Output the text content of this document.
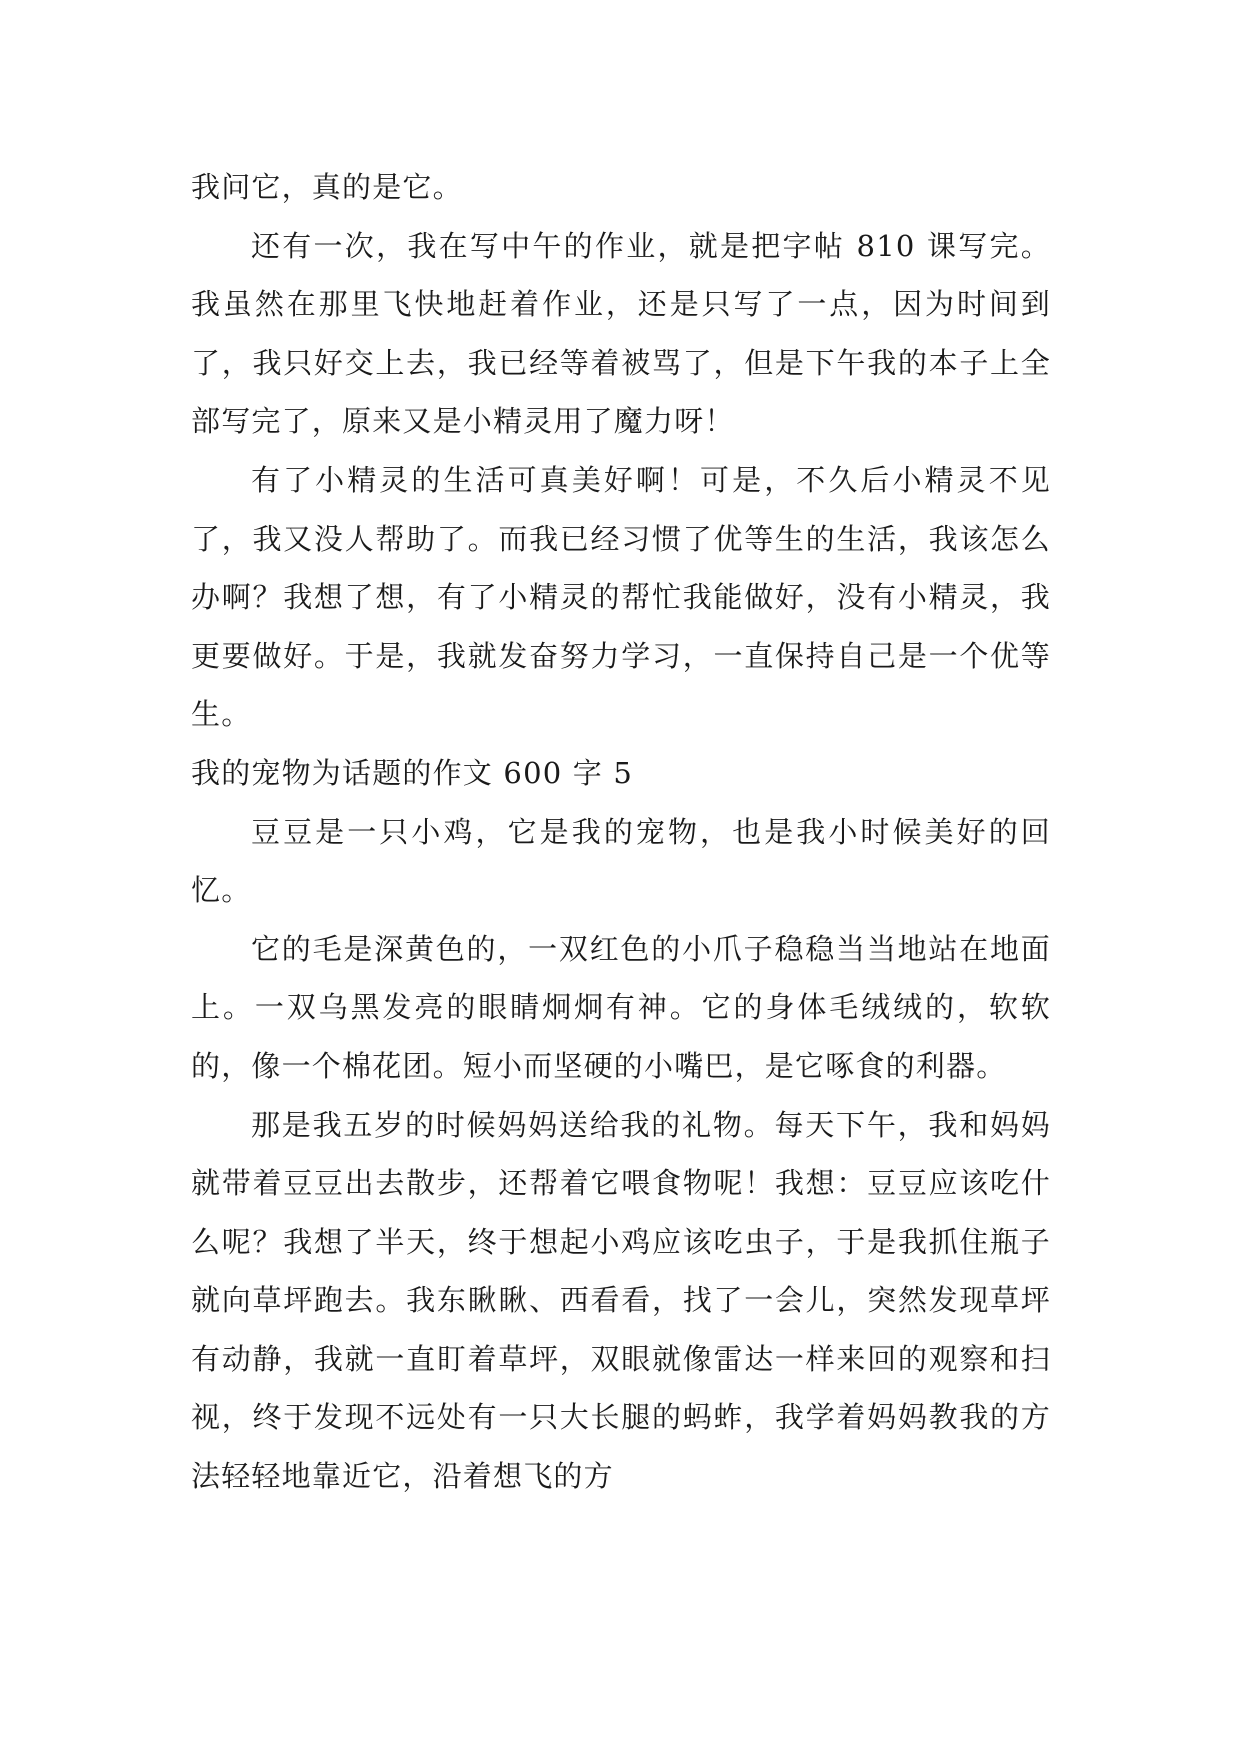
我问它，真的是它。

还有一次，我在写中午的作业，就是把字帖 810 课写完。我虽然在那里飞快地赶着作业，还是只写了一点，因为时间到了，我只好交上去，我已经等着被骂了，但是下午我的本子上全部写完了，原来又是小精灵用了魔力呀！

有了小精灵的生活可真美好啊！可是，不久后小精灵不见了，我又没人帮助了。而我已经习惯了优等生的生活，我该怎么办啊？我想了想，有了小精灵的帮忙我能做好，没有小精灵，我更要做好。于是，我就发奋努力学习，一直保持自己是一个优等生。

我的宠物为话题的作文 600 字 5

豆豆是一只小鸡，它是我的宠物，也是我小时候美好的回忆。

它的毛是深黄色的，一双红色的小爪子稳稳当当地站在地面上。一双乌黑发亮的眼睛炯炯有神。它的身体毛绒绒的，软软的，像一个棉花团。短小而坚硬的小嘴巴，是它啄食的利器。

那是我五岁的时候妈妈送给我的礼物。每天下午，我和妈妈就带着豆豆出去散步，还帮着它喂食物呢！我想：豆豆应该吃什么呢？我想了半天，终于想起小鸡应该吃虫子，于是我抓住瓶子就向草坪跑去。我东瞅瞅、西看看，找了一会儿，突然发现草坪有动静，我就一直盯着草坪，双眼就像雷达一样来回的观察和扫视，终于发现不远处有一只大长腿的蚂蚱，我学着妈妈教我的方法轻轻地靠近它，沿着想飞的方
